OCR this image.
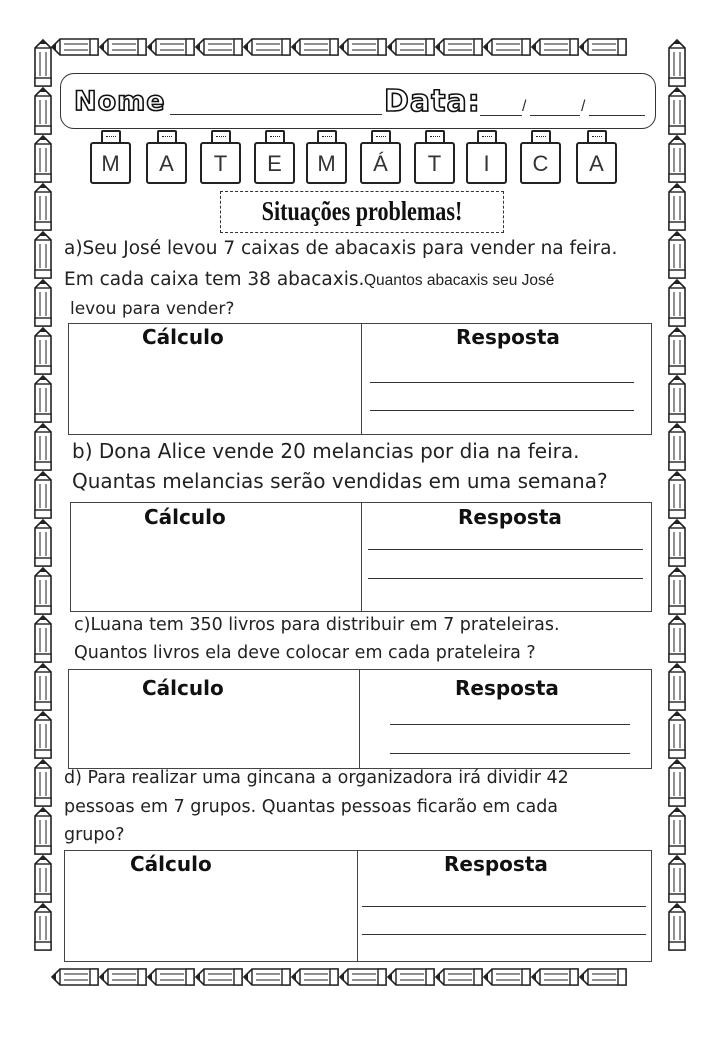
Nome	Data:	/	/
M	A	T	E	M	Á	T	I	C	A
Situações problemas!
a)Seu José levou 7 caixas de abacaxis para vender na feira.
Em cada caixa tem 38 abacaxis. Quantos abacaxis seu José
levou para vender?
Cálculo	Resposta
b) Dona Alice vende 20 melancias por dia na feira.
Quantas melancias serão vendidas em uma semana?
Cálculo	Resposta
c)Luana tem 350 livros para distribuir em 7 prateleiras.
Quantos livros ela deve colocar em cada prateleira ?
Cálculo	Resposta
d) Para realizar uma gincana a organizadora irá dividir 42
pessoas em 7 grupos. Quantas pessoas ficarão em cada
grupo?
Cálculo	Resposta
